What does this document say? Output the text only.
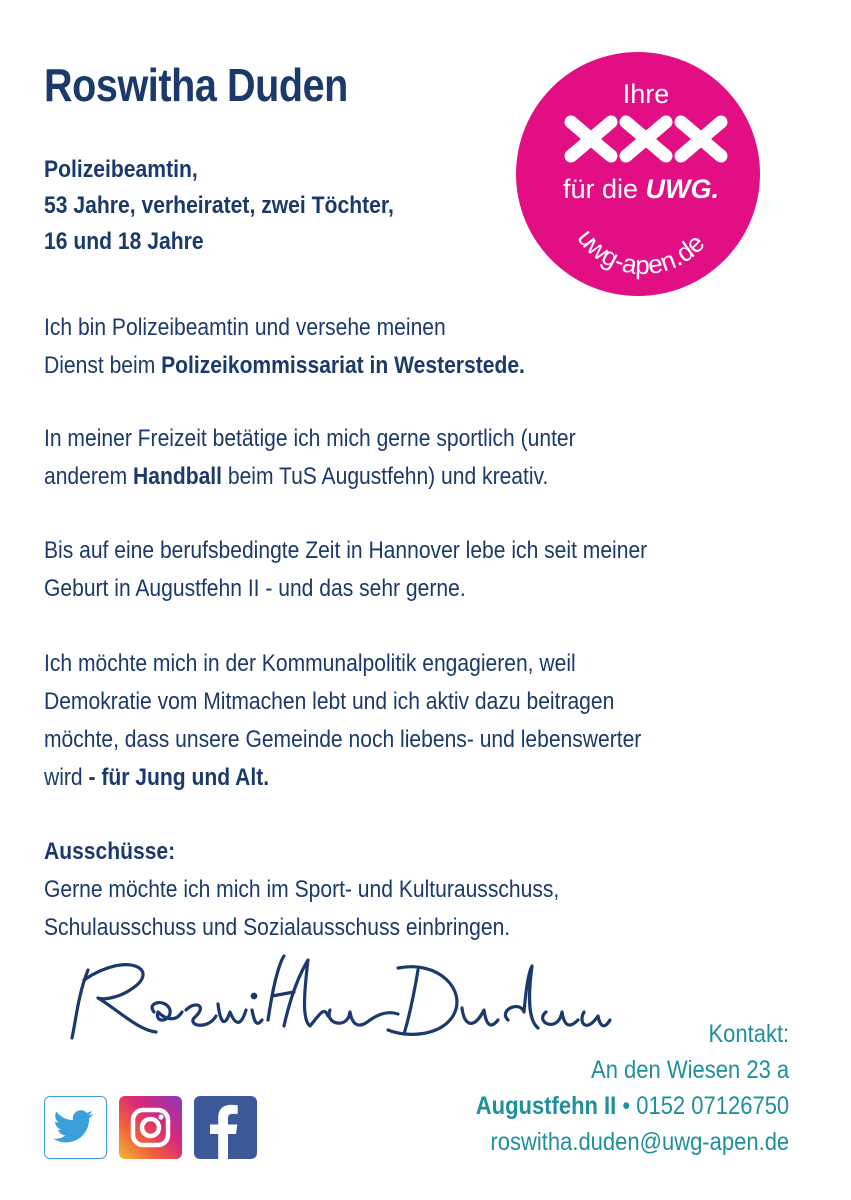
Roswitha Duden
Polizeibeamtin,
53 Jahre, verheiratet, zwei Töchter,
16 und 18 Jahre
Ihre
für die UWG.
uwg-apen.de
Ich bin Polizeibeamtin und versehe meinen
Dienst beim Polizeikommissariat in Westerstede.
In meiner Freizeit betätige ich mich gerne sportlich (unter
anderem Handball beim TuS Augustfehn) und kreativ.
Bis auf eine berufsbedingte Zeit in Hannover lebe ich seit meiner
Geburt in Augustfehn II - und das sehr gerne.
Ich möchte mich in der Kommunalpolitik engagieren, weil
Demokratie vom Mitmachen lebt und ich aktiv dazu beitragen
möchte, dass unsere Gemeinde noch liebens- und lebenswerter
wird - für Jung und Alt.
Ausschüsse:
Gerne möchte ich mich im Sport- und Kulturausschuss,
Schulausschuss und Sozialausschuss einbringen.
Kontakt:
An den Wiesen 23 a
Augustfehn II • 0152 07126750
roswitha.duden@uwg-apen.de
